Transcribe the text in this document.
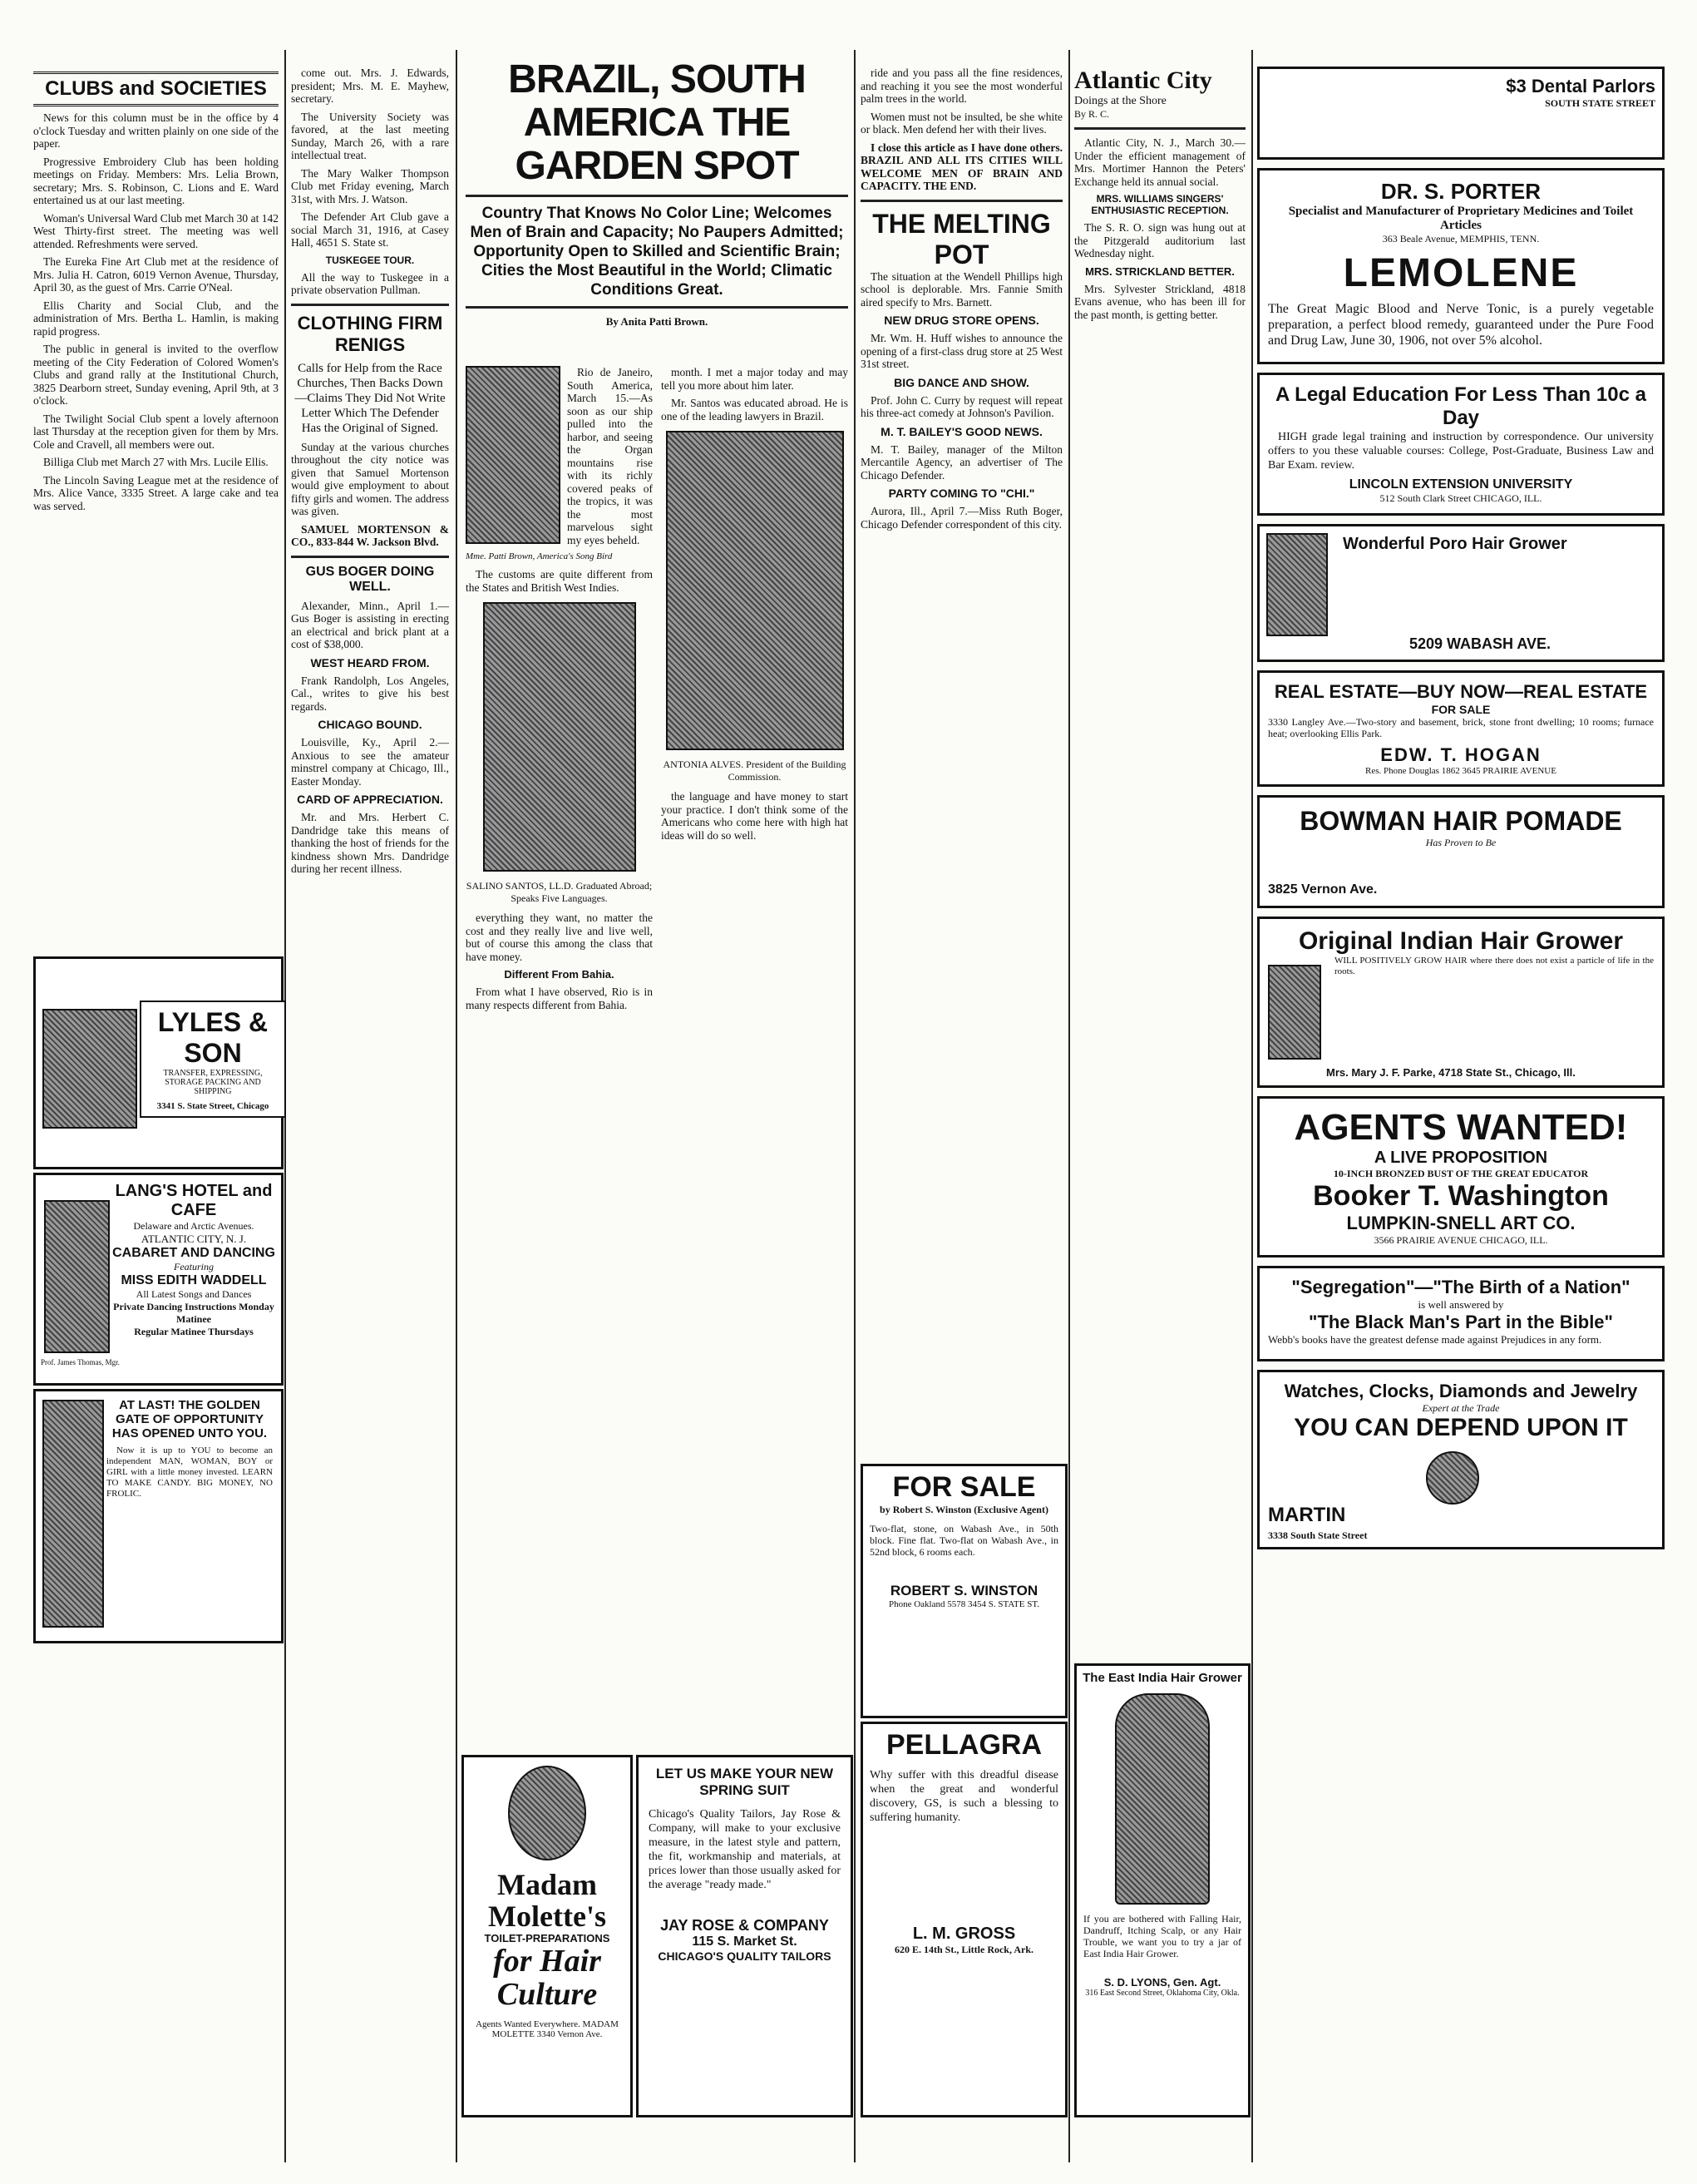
CLUBS and SOCIETIES

News for this column must be in the office by 4 o'clock Tuesday and written plainly on one side of the paper.

Progressive Embroidery Club has been holding meetings on Friday. Members: Mrs. Lelia Brown, secretary; Mrs. S. Robinson, C. Lions and E. Ward entertained us at our last meeting.

Woman's Universal Ward Club met March 30 at 142 West Thirty-first street. The meeting was well attended. Refreshments were served.

The Eureka Fine Art Club met at the residence of Mrs. Julia H. Catron, 6019 Vernon Avenue, Thursday, April 30, as the guest of Mrs. Carrie O'Neal.

Ellis Charity and Social Club, and the administration of Mrs. Bertha L. Hamlin, is making rapid progress.

The public in general is invited to the overflow meeting of the City Federation of Colored Women's Clubs and grand rally at the Institutional Church, 3825 Dearborn street, Sunday evening, April 9th, at 3 o'clock.

The Twilight Social Club spent a lovely afternoon last Thursday at the reception given for them by Mrs. Cole and Cravell, all members were out.

Billiga Club met March 27 with Mrs. Lucile Ellis.

The Lincoln Saving League met at the residence of Mrs. Alice Vance, 3335 Street. A large cake and tea was served.

LYLES & SON
TRANSFER, EXPRESSING, STORAGE PACKING AND SHIPPING
3341 S. State Street, Chicago
LANG'S HOTEL and CAFE
Delaware and Arctic Avenues.
ATLANTIC CITY, N. J.
CABARET AND DANCING
Featuring
MISS EDITH WADDELL
All Latest Songs and Dances
Private Dancing Instructions Monday Matinee
Regular Matinee Thursdays
Prof. James Thomas, Mgr.
AT LAST! THE GOLDEN GATE OF OPPORTUNITY HAS OPENED UNTO YOU.

Now it is up to YOU to become an independent MAN, WOMAN, BOY or GIRL with a little money invested. LEARN TO MAKE CANDY. BIG MONEY, NO FROLIC.

come out. Mrs. J. Edwards, president; Mrs. M. E. Mayhew, secretary.

The University Society was favored, at the last meeting Sunday, March 26, with a rare intellectual treat.

The Mary Walker Thompson Club met Friday evening, March 31st, with Mrs. J. Watson.

The Defender Art Club gave a social March 31, 1916, at Casey Hall, 4651 S. State st.

TUSKEGEE TOUR.

All the way to Tuskegee in a private observation Pullman.

CLOTHING FIRM RENIGS
Calls for Help from the Race Churches, Then Backs Down—Claims They Did Not Write Letter Which The Defender Has the Original of Signed.

Sunday at the various churches throughout the city notice was given that Samuel Mortenson would give employment to about fifty girls and women. The address was given.

SAMUEL MORTENSON & CO., 833-844 W. Jackson Blvd.

GUS BOGER DOING WELL.

Alexander, Minn., April 1.—Gus Boger is assisting in erecting an electrical and brick plant at a cost of $38,000.

WEST HEARD FROM.

Frank Randolph, Los Angeles, Cal., writes to give his best regards.

CHICAGO BOUND.

Louisville, Ky., April 2.—Anxious to see the amateur minstrel company at Chicago, Ill., Easter Monday.

CARD OF APPRECIATION.

Mr. and Mrs. Herbert C. Dandridge take this means of thanking the host of friends for the kindness shown Mrs. Dandridge during her recent illness.

Madam Molette's
TOILET-PREPARATIONS
for Hair Culture
Agents Wanted Everywhere. MADAM MOLETTE 3340 Vernon Ave.
BRAZIL, SOUTH AMERICA THE GARDEN SPOT
Country That Knows No Color Line; Welcomes Men of Brain and Capacity; No Paupers Admitted; Opportunity Open to Skilled and Scientific Brain; Cities the Most Beautiful in the World; Climatic Conditions Great.
By Anita Patti Brown.

Rio de Janeiro, South America, March 15.—As soon as our ship pulled into the harbor, and seeing the Organ mountains rise with its richly covered peaks of the tropics, it was the most marvelous sight my eyes beheld.

Mme. Patti Brown, America's Song Bird

The customs are quite different from the States and British West Indies.

SALINO SANTOS, LL.D. Graduated Abroad; Speaks Five Languages.

everything they want, no matter the cost and they really live and live well, but of course this among the class that have money.

Different From Bahia.

From what I have observed, Rio is in many respects different from Bahia.

month. I met a major today and may tell you more about him later.

Mr. Santos was educated abroad. He is one of the leading lawyers in Brazil.

ANTONIA ALVES. President of the Building Commission.

the language and have money to start your practice. I don't think some of the Americans who come here with high hat ideas will do so well.

LET US MAKE YOUR NEW SPRING SUIT

Chicago's Quality Tailors, Jay Rose & Company, will make to your exclusive measure, in the latest style and pattern, the fit, workmanship and materials, at prices lower than those usually asked for the average "ready made."

JAY ROSE & COMPANY
115 S. Market St.
CHICAGO'S QUALITY TAILORS

ride and you pass all the fine residences, and reaching it you see the most wonderful palm trees in the world.

Women must not be insulted, be she white or black. Men defend her with their lives.

I close this article as I have done others. BRAZIL AND ALL ITS CITIES WILL WELCOME MEN OF BRAIN AND CAPACITY. THE END.

THE MELTING POT

The situation at the Wendell Phillips high school is deplorable. Mrs. Fannie Smith aired specify to Mrs. Barnett.

NEW DRUG STORE OPENS.

Mr. Wm. H. Huff wishes to announce the opening of a first-class drug store at 25 West 31st street.

BIG DANCE AND SHOW.

Prof. John C. Curry by request will repeat his three-act comedy at Johnson's Pavilion.

M. T. BAILEY'S GOOD NEWS.

M. T. Bailey, manager of the Milton Mercantile Agency, an advertiser of The Chicago Defender.

PARTY COMING TO "CHI."

Aurora, Ill., April 7.—Miss Ruth Boger, Chicago Defender correspondent of this city.

FOR SALE
by Robert S. Winston (Exclusive Agent)

Two-flat, stone, on Wabash Ave., in 50th block. Fine flat. Two-flat on Wabash Ave., in 52nd block, 6 rooms each.

ROBERT S. WINSTON
Phone Oakland 5578 3454 S. STATE ST.
PELLAGRA

Why suffer with this dreadful disease when the great and wonderful discovery, GS, is such a blessing to suffering humanity.

L. M. GROSS
620 E. 14th St., Little Rock, Ark.
Atlantic City
Doings at the Shore
By R. C.

Atlantic City, N. J., March 30.—Under the efficient management of Mrs. Mortimer Hannon the Peters' Exchange held its annual social.

MRS. WILLIAMS SINGERS' ENTHUSIASTIC RECEPTION.

The S. R. O. sign was hung out at the Pitzgerald auditorium last Wednesday night.

MRS. STRICKLAND BETTER.

Mrs. Sylvester Strickland, 4818 Evans avenue, who has been ill for the past month, is getting better.

The East India Hair Grower

If you are bothered with Falling Hair, Dandruff, Itching Scalp, or any Hair Trouble, we want you to try a jar of East India Hair Grower.

S. D. LYONS, Gen. Agt.
316 East Second Street, Oklahoma City, Okla.
$3 Dental Parlors
SOUTH STATE STREET
DR. S. PORTER
Specialist and Manufacturer of Proprietary Medicines and Toilet Articles
363 Beale Avenue, MEMPHIS, TENN.
LEMOLENE

The Great Magic Blood and Nerve Tonic, is a purely vegetable preparation, a perfect blood remedy, guaranteed under the Pure Food and Drug Law, June 30, 1906, not over 5% alcohol.

A Legal Education For Less Than 10c a Day

HIGH grade legal training and instruction by correspondence. Our university offers to you these valuable courses: College, Post-Graduate, Business Law and Bar Exam. review.

LINCOLN EXTENSION UNIVERSITY
512 South Clark Street CHICAGO, ILL.
Wonderful Poro Hair Grower
5209 WABASH AVE.
REAL ESTATE—BUY NOW—REAL ESTATE
FOR SALE

3330 Langley Ave.—Two-story and basement, brick, stone front dwelling; 10 rooms; furnace heat; overlooking Ellis Park.

EDW. T. HOGAN
Res. Phone Douglas 1862 3645 PRAIRIE AVENUE
BOWMAN HAIR POMADE
Has Proven to Be
3825 Vernon Ave.
Original Indian Hair Grower

WILL POSITIVELY GROW HAIR where there does not exist a particle of life in the roots.

Mrs. Mary J. F. Parke, 4718 State St., Chicago, Ill.
AGENTS WANTED!
A LIVE PROPOSITION
10-INCH BRONZED BUST OF THE GREAT EDUCATOR
Booker T. Washington
LUMPKIN-SNELL ART CO.
3566 PRAIRIE AVENUE CHICAGO, ILL.
"Segregation"—"The Birth of a Nation"
is well answered by
"The Black Man's Part in the Bible"

Webb's books have the greatest defense made against Prejudices in any form.

Watches, Clocks, Diamonds and Jewelry
Expert at the Trade
YOU CAN DEPEND UPON IT
MARTIN
3338 South State Street
